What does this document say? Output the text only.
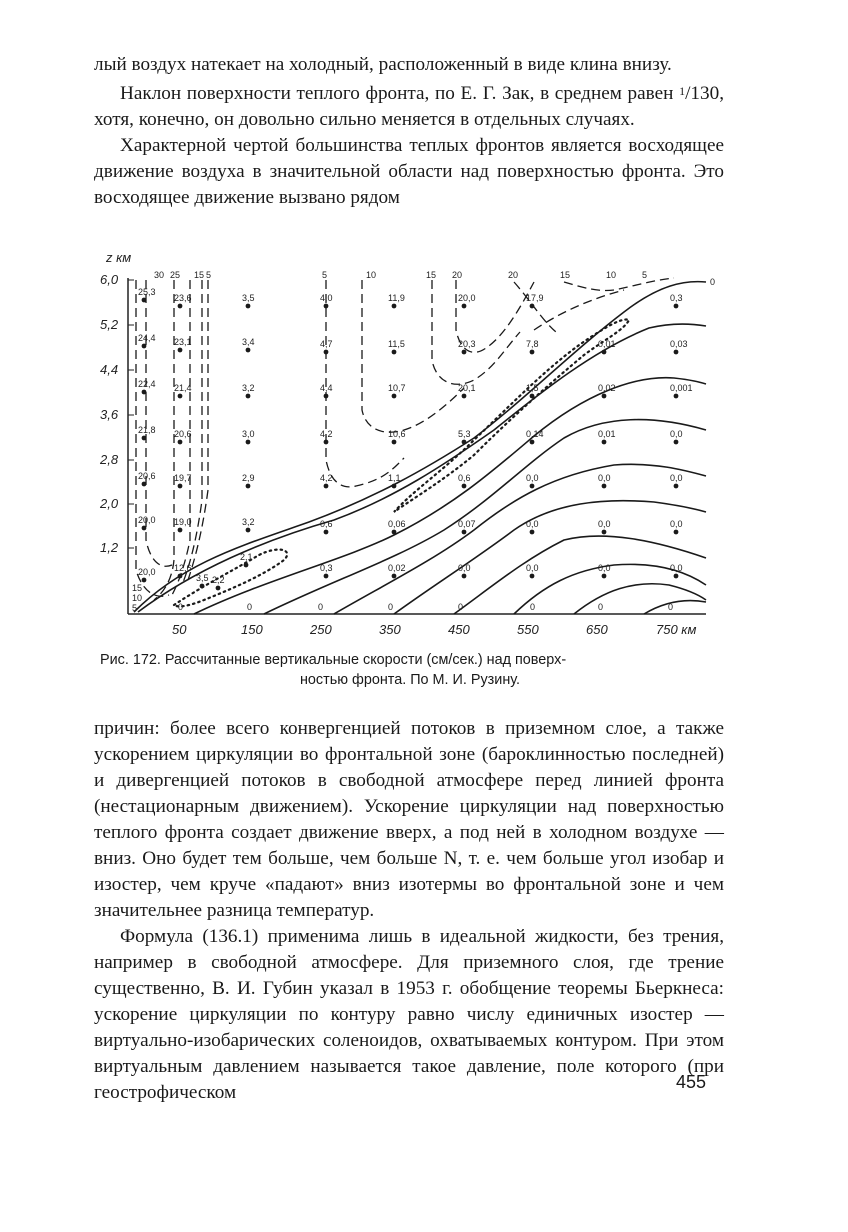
лый воздух натекает на холодный, расположенный в виде клина внизу.

Наклон поверхности теплого фронта, по Е. Г. Зак, в среднем равен $^1$/130, хотя, конечно, он довольно сильно меняется в отдельных случаях.

Характерной чертой большинства теплых фронтов является восходящее движение воздуха в значительной области над поверхностью фронта. Это восходящее движение вызвано рядом

z км
6,0
5,2
4,4
3,6
2,8
2,0
1,2
50	150	250	350	450	550	650	750 км
30 25 15 5	5	10	15 20	20	15	10	5
0
15
10
5	0	0	0	0	0	0	0	0
25,3
24,4
22,4
21,8
20,6
20,0
20,0
23,6
23,1
21,4
20,6
19,7
19,0
12,6
3,5 2,2
3,5
3,4
3,2
3,0
2,9
3,2
2,1
4,0
4,7
4,4
4,2
4,2
0,6
0,3
11,9
11,5
10,7
10,6
1,1
0,06
0,02
20,0
20,3
20,1
5,3
0,6
0,07
0,0
17,9
7,8
1,5
0,14
0,0
0,0
0,0
0,01
0,02
0,01
0,0
0,0
0,0
0,3
0,03
0,001
0,0
0,0
0,0
0,0
Рис. 172. Рассчитанные вертикальные скорости (см/сек.) над поверх-
ностью фронта. По М. И. Рузину.

причин: более всего конвергенцией потоков в приземном слое, а также ускорением циркуляции во фронтальной зоне (бароклинностью последней) и дивергенцией потоков в свободной атмосфере перед линией фронта (нестационарным движением). Ускорение циркуляции над поверхностью теплого фронта создает движение вверх, а под ней в холодном воздухе — вниз. Оно будет тем больше, чем больше N, т. е. чем больше угол изобар и изостер, чем круче «падают» вниз изотермы во фронтальной зоне и чем значительнее разница температур.

Формула (136.1) применима лишь в идеальной жидкости, без трения, например в свободной атмосфере. Для приземного слоя, где трение существенно, В. И. Губин указал в 1953 г. обобщение теоремы Бьеркнеса: ускорение циркуляции по контуру равно числу единичных изостер — виртуально-изобарических соленоидов, охватываемых контуром. При этом виртуальным давлением называется такое давление, поле которого (при геострофическом	455
